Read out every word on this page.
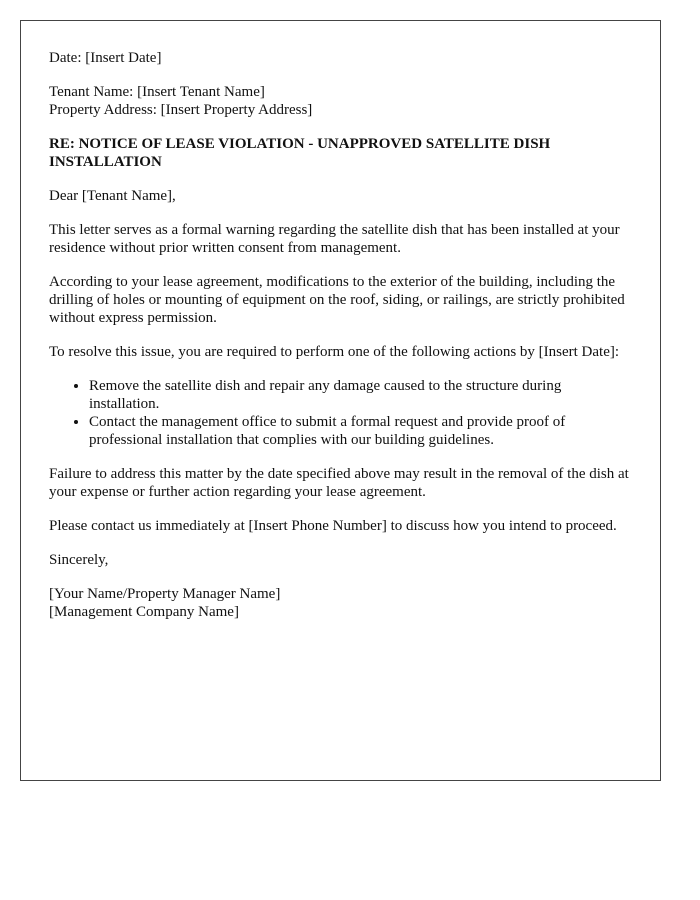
Date: [Insert Date]

Tenant Name: [Insert Tenant Name]
Property Address: [Insert Property Address]

RE: NOTICE OF LEASE VIOLATION - UNAPPROVED SATELLITE DISH INSTALLATION

Dear [Tenant Name],

This letter serves as a formal warning regarding the satellite dish that has been installed at your residence without prior written consent from management.

According to your lease agreement, modifications to the exterior of the building, including the drilling of holes or mounting of equipment on the roof, siding, or railings, are strictly prohibited without express permission.

To resolve this issue, you are required to perform one of the following actions by [Insert Date]:

• Remove the satellite dish and repair any damage caused to the structure during installation.
• Contact the management office to submit a formal request and provide proof of professional installation that complies with our building guidelines.

Failure to address this matter by the date specified above may result in the removal of the dish at your expense or further action regarding your lease agreement.

Please contact us immediately at [Insert Phone Number] to discuss how you intend to proceed.

Sincerely,

[Your Name/Property Manager Name]
[Management Company Name]
